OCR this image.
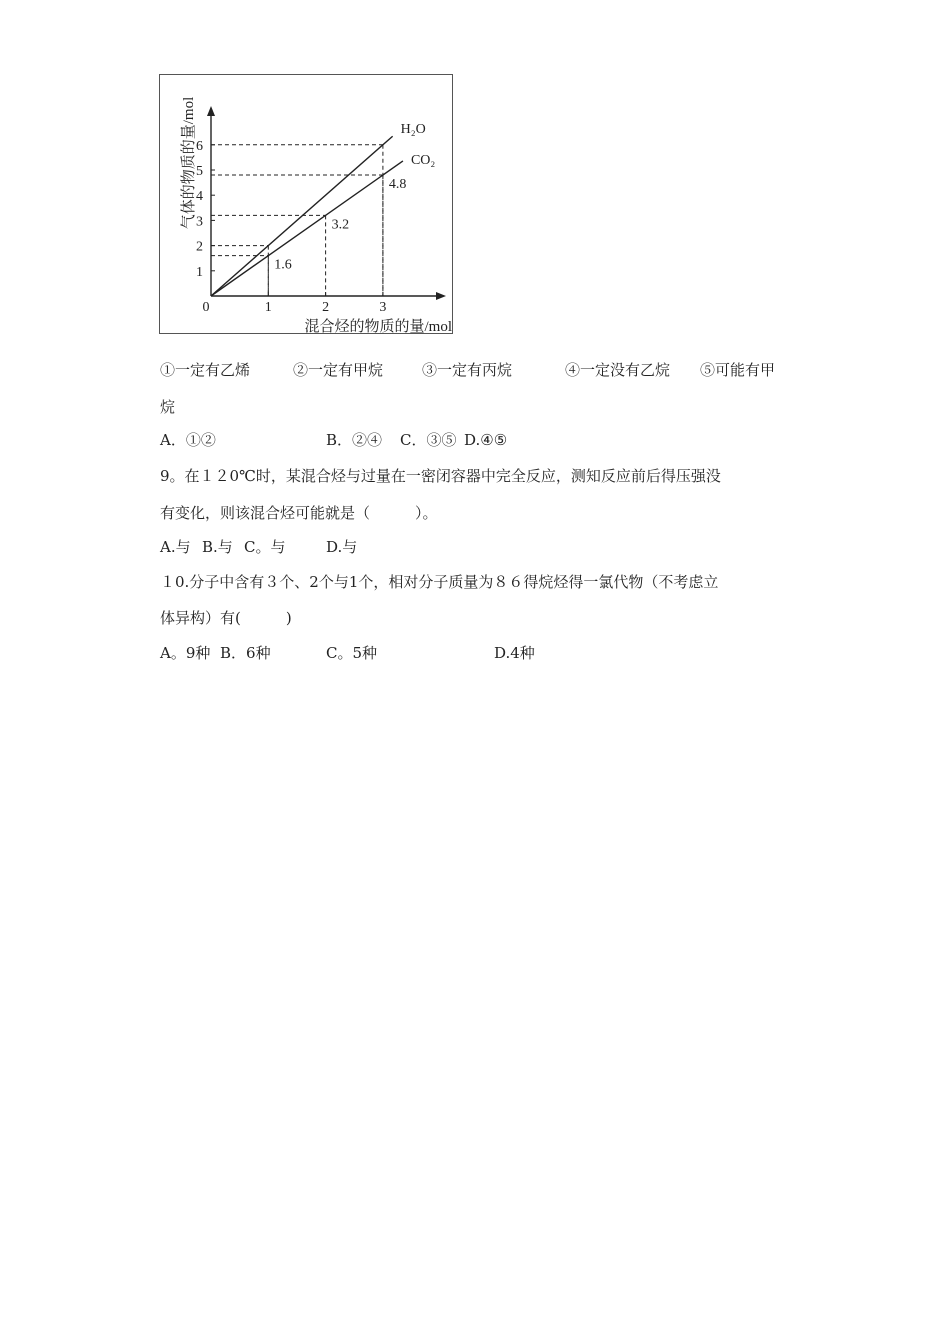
0	1	2	3
1
2
3
4
5
6
H₂O
CO₂
1.6
3.2
4.8
混合烃的物质的量/mol
气体的物质的量/mol
①一定有乙烯	②一定有甲烷	③一定有丙烷	④一定没有乙烷 ⑤可能有甲
烷
A．①②	B．②④ C．③⑤ D.④⑤
9。在１２0℃时，某混合烃与过量在一密闭容器中完全反应，测知反应前后得压强没
有变化，则该混合烃可能就是（　　　）。
A.与 B.与 C。与	D.与
１0.分子中含有３个、2个与1个，相对分子质量为８６得烷烃得一氯代物（不考虑立
体异构）有(　　　)
A。9种 B．6种	C。5种	D.4种
